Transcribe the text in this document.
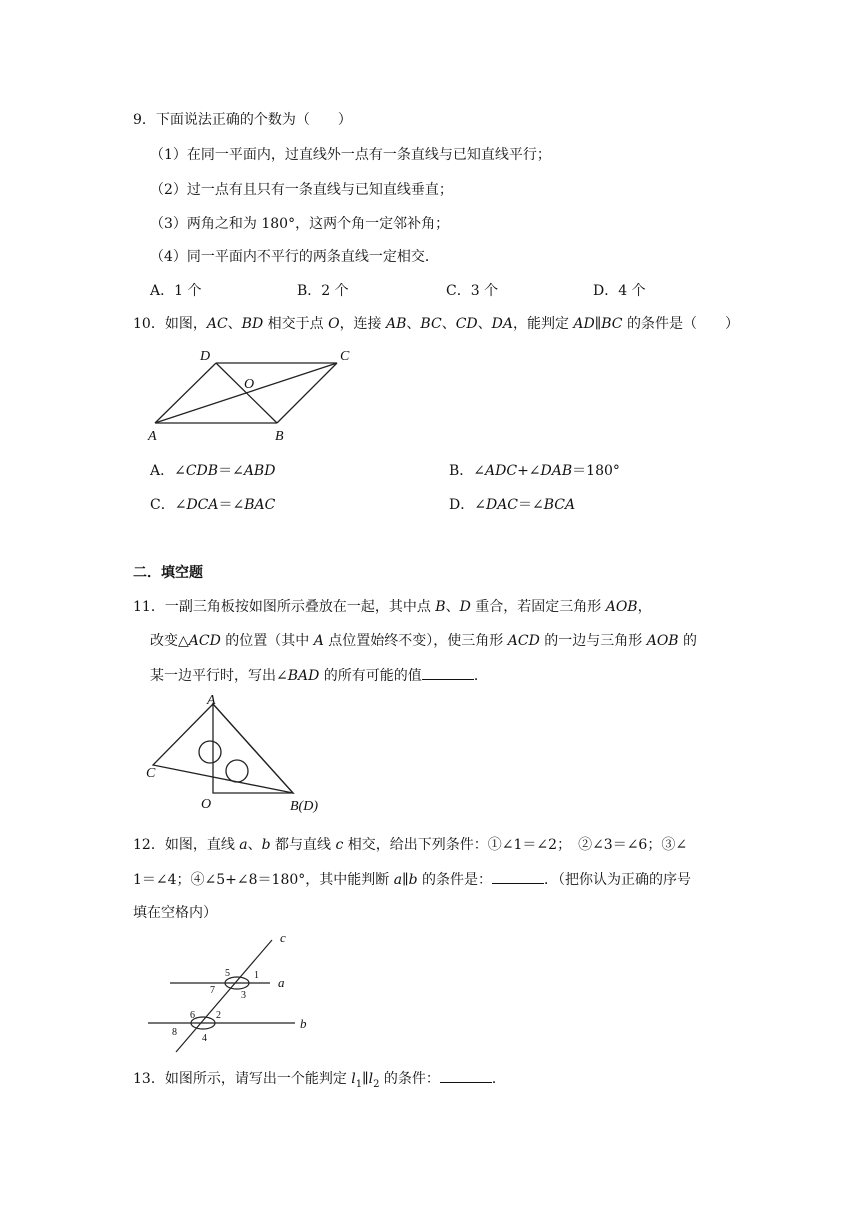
9．下面说法正确的个数为（　　）
（1）在同一平面内，过直线外一点有一条直线与已知直线平行；
（2）过一点有且只有一条直线与已知直线垂直；
（3）两角之和为 180°，这两个角一定邻补角；
（4）同一平面内不平行的两条直线一定相交．
A．1 个	B．2 个	C．3 个	D．4 个
10．如图，AC、BD 相交于点 O，连接 AB、BC、CD、DA，能判定 AD∥BC 的条件是（　　）
D	C
O
A	B
A．∠CDB＝∠ABD	B．∠ADC+∠DAB＝180°
C．∠DCA＝∠BAC	D．∠DAC＝∠BCA
二．填空题
11．一副三角板按如图所示叠放在一起，其中点 B、D 重合，若固定三角形 AOB，
改变△ACD 的位置（其中 A 点位置始终不变），使三角形 ACD 的一边与三角形 AOB 的
某一边平行时，写出∠BAD 的所有可能的值	．
A
C
O	B(D)
12．如图，直线 a、b 都与直线 c 相交，给出下列条件：①∠1＝∠2；　②∠3＝∠6；③∠
1＝∠4；④∠5+∠8＝180°，其中能判断 a∥b 的条件是：	．（把你认为正确的序号
填在空格内）
c
a
b
1
5
7	3
6 2
8
4
13．如图所示，请写出一个能判定 $l_1\parallel l_2$ 的条件：	．
